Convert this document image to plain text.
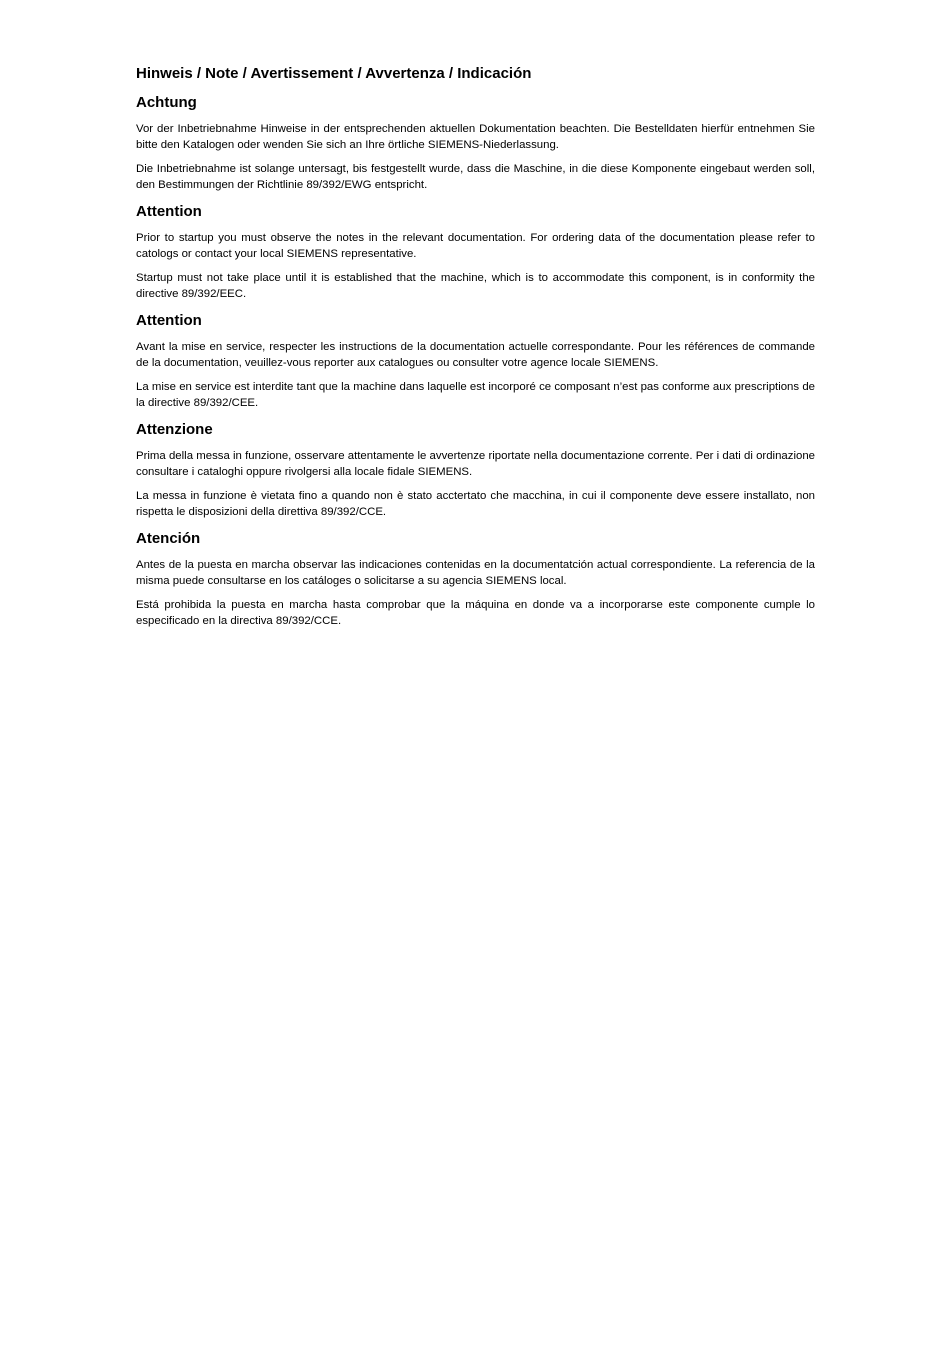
Hinweis / Note / Avertissement / Avvertenza / Indicación
Achtung

Vor der Inbetriebnahme Hinweise in der entsprechenden aktuellen Dokumentation beachten. Die Bestelldaten hierfür entnehmen Sie bitte den Katalogen oder wenden Sie sich an Ihre örtliche SIEMENS-Niederlassung.

Die Inbetriebnahme ist solange untersagt, bis festgestellt wurde, dass die Maschine, in die diese Komponente eingebaut werden soll, den Bestimmungen der Richtlinie 89/392/EWG entspricht.

Attention

Prior to startup you must observe the notes in the relevant documentation. For ordering data of the documentation please refer to catologs or contact your local SIEMENS representative.

Startup must not take place until it is established that the machine, which is to accommodate this component, is in conformity the directive 89/392/EEC.

Attention

Avant la mise en service, respecter les instructions de la documentation actuelle correspondante. Pour les références de commande de la documentation, veuillez-vous reporter aux catalogues ou consulter votre agence locale SIEMENS.

La mise en service est interdite tant que la machine dans laquelle est incorporé ce composant n’est pas conforme aux prescriptions de la directive 89/392/CEE.

Attenzione

Prima della messa in funzione, osservare attentamente le avvertenze riportate nella documentazione corrente. Per i dati di ordinazione consultare i cataloghi oppure rivolgersi alla locale fidale SIEMENS.

La messa in funzione è vietata fino a quando non è stato acctertato che macchina, in cui il componente deve essere installato, non rispetta le disposizioni della direttiva 89/392/CCE.

Atención

Antes de la puesta en marcha observar las indicaciones contenidas en la documentatción actual correspondiente. La referencia de la misma puede consultarse en los catáloges o solicitarse a su agencia SIEMENS local.

Está prohibida la puesta en marcha hasta comprobar que la máquina en donde va a incorporarse este componente cumple lo especificado en la directiva 89/392/CCE.
